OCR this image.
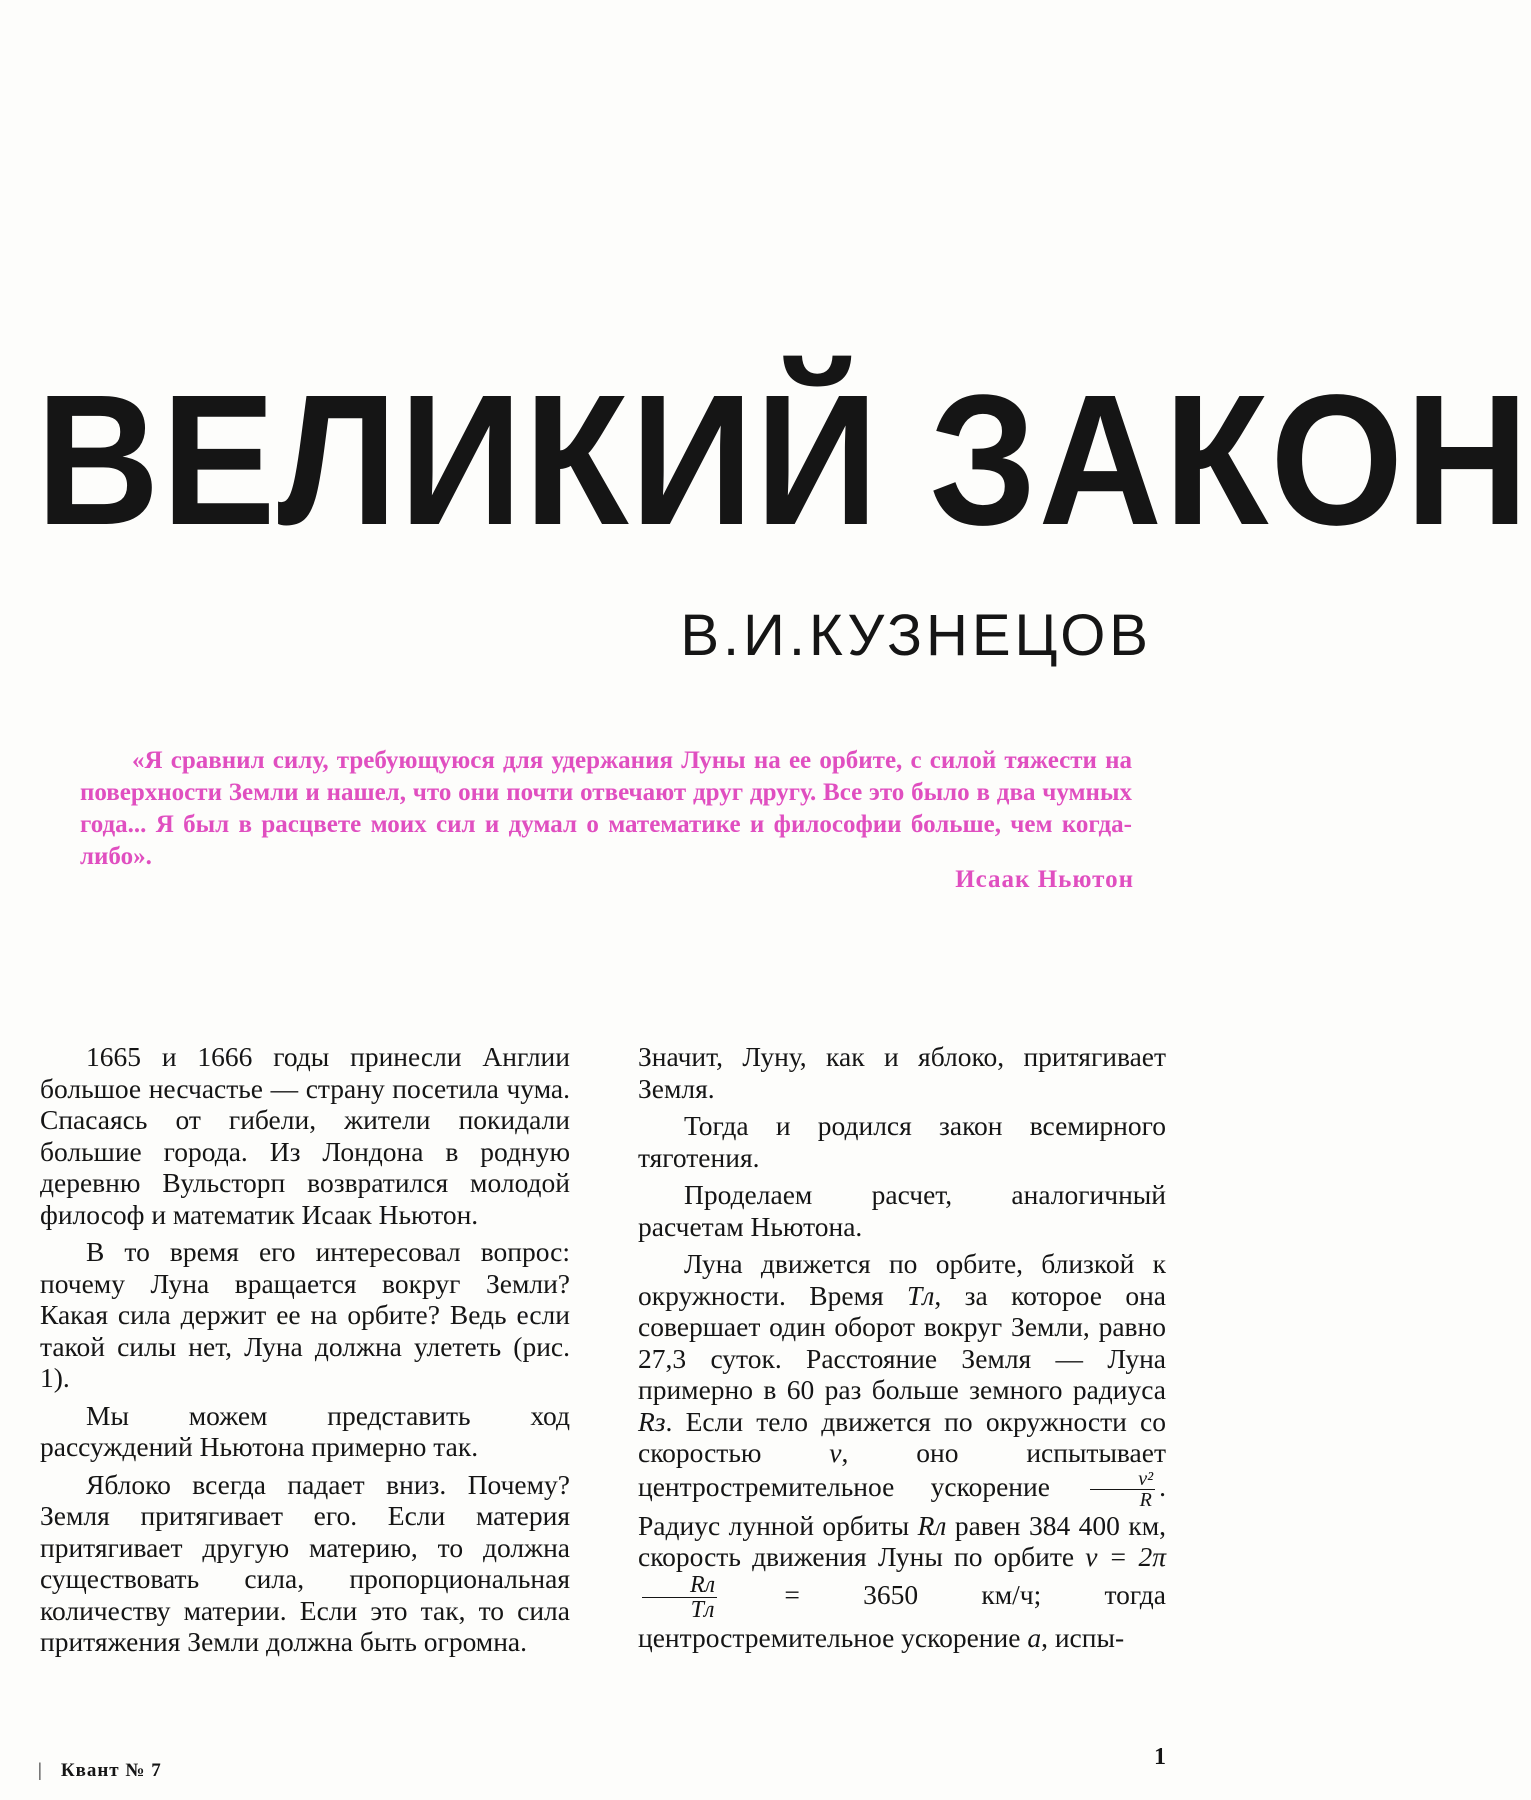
ВЕЛИКИЙ ЗАКОН
В.И.КУЗНЕЦОВ

«Я сравнил силу, требующуюся для удержания Луны на ее орбите, с силой тяжести на поверхности Земли и нашел, что они почти отвечают друг другу. Все это было в два чумных года... Я был в расцвете моих сил и думал о математике и философии больше, чем когда-либо».

Исаак Ньютон

1665 и 1666 годы принесли Англии большое несчастье — страну посетила чума. Спасаясь от гибели, жители покидали большие города. Из Лондона в родную деревню Вульсторп возвратился молодой философ и математик Исаак Ньютон.

В то время его интересовал вопрос: почему Луна вращается вокруг Земли? Какая сила держит ее на орбите? Ведь если такой силы нет, Луна должна улететь (рис. 1).

Мы можем представить ход рассуждений Ньютона примерно так.

Яблоко всегда падает вниз. Почему? Земля притягивает его. Если материя притягивает другую материю, то должна существовать сила, пропорциональная количеству материи. Если это так, то сила притяжения Земли должна быть огромна.

Значит, Луну, как и яблоко, притягивает Земля.

Тогда и родился закон всемирного тяготения.

Проделаем расчет, аналогичный расчетам Ньютона.

Луна движется по орбите, близкой к окружности. Время Tл, за которое она совершает один оборот вокруг Земли, равно 27,3 суток. Расстояние Земля — Луна примерно в 60 раз больше земного радиуса Rз. Если тело движется по окружности со скоростью v, оно испытывает центростремительное ускорение $\frac{\text{v²}}{R}$ . Радиус лунной орбиты Rл равен 384 400 км, скорость движения Луны по орбите v = 2π
$\frac{Rл}{Tл} = 3650$ км/ч; тогда центростремительное ускорение a, испы-

| Квант № 7
1
